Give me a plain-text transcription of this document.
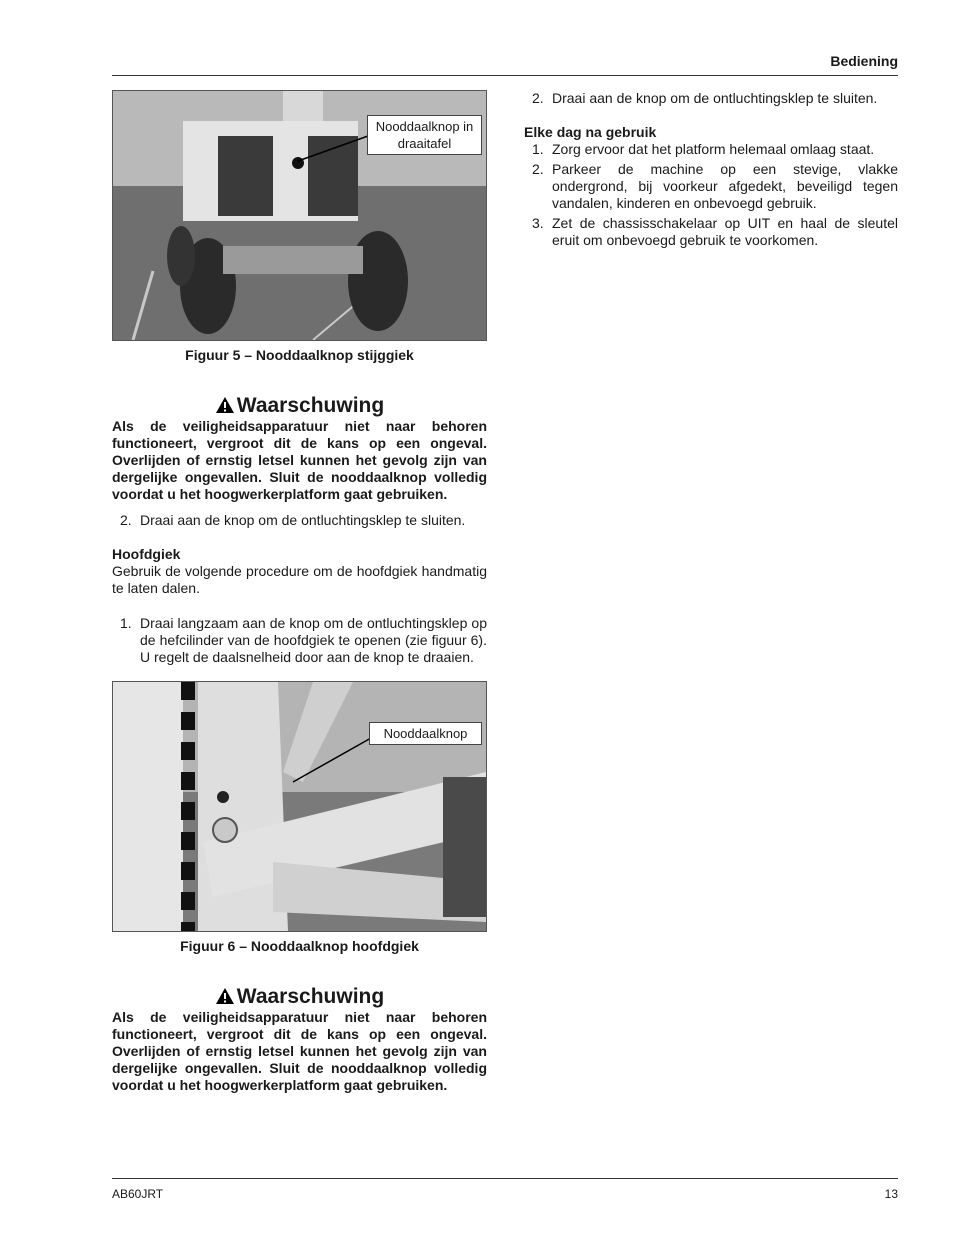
Bediening
Nooddaalknop in draaitafel
Figuur 5 – Nooddaalknop stijggiek
Waarschuwing
Als de veiligheidsapparatuur niet naar behoren functioneert, vergroot dit de kans op een ongeval. Overlijden of ernstig letsel kunnen het gevolg zijn van dergelijke ongevallen. Sluit de nooddaalknop volledig voordat u het hoogwerkerplatform gaat gebruiken.
2. Draai aan de knop om de ontluchtingsklep te sluiten.
Hoofdgiek
Gebruik de volgende procedure om de hoofdgiek handmatig te laten dalen.
1. Draai langzaam aan de knop om de ontluchtingsklep op de hefcilinder van de hoofdgiek te openen (zie figuur 6). U regelt de daalsnelheid door aan de knop te draaien.
Nooddaalknop
Figuur 6 – Nooddaalknop hoofdgiek
Waarschuwing
Als de veiligheidsapparatuur niet naar behoren functioneert, vergroot dit de kans op een ongeval. Overlijden of ernstig letsel kunnen het gevolg zijn van dergelijke ongevallen. Sluit de nooddaalknop volledig voordat u het hoogwerkerplatform gaat gebruiken.
2. Draai aan de knop om de ontluchtingsklep te sluiten.
Elke dag na gebruik
1. Zorg ervoor dat het platform helemaal omlaag staat.
2. Parkeer de machine op een stevige, vlakke ondergrond, bij voorkeur afgedekt, beveiligd tegen vandalen, kinderen en onbevoegd gebruik.
3. Zet de chassisschakelaar op UIT en haal de sleutel eruit om onbevoegd gebruik te voorkomen.
AB60JRT	13
